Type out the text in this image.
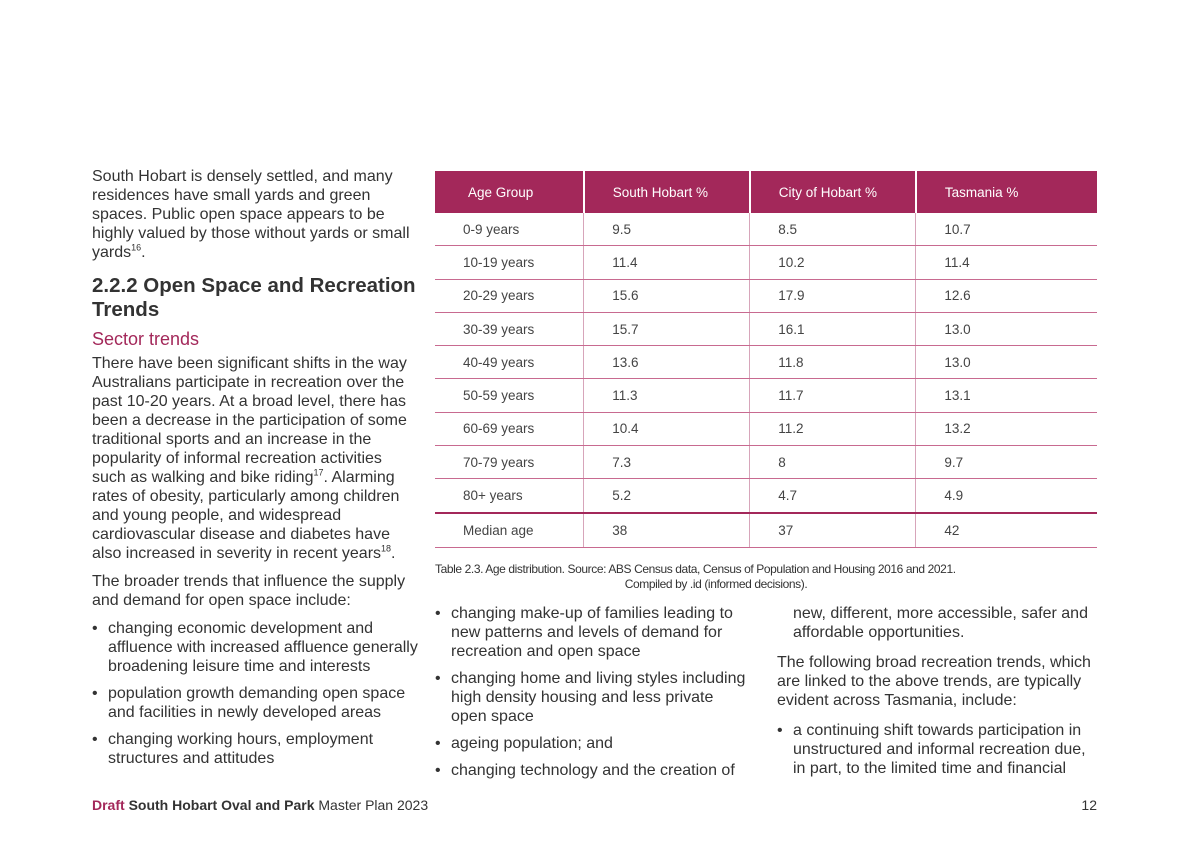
South Hobart is densely settled, and many residences have small yards and green spaces. Public open space appears to be highly valued by those without yards or small yards$^{16}$.

2.2.2 Open Space and Recreation Trends
Sector trends

There have been significant shifts in the way Australians participate in recreation over the past 10-20 years. At a broad level, there has been a decrease in the participation of some traditional sports and an increase in the popularity of informal recreation activities such as walking and bike riding$^{17}$. Alarming rates of obesity, particularly among children and young people, and widespread cardiovascular disease and diabetes have also increased in severity in recent years$^{18}$.

The broader trends that influence the supply and demand for open space include:

• changing economic development and affluence with increased affluence generally broadening leisure time and interests
• population growth demanding open space and facilities in newly developed areas
• changing working hours, employment structures and attitudes
Age Group	South Hobart %	City of Hobart %	Tasmania %
0-9 years	9.5	8.5	10.7
10-19 years	11.4	10.2	11.4
20-29 years	15.6	17.9	12.6
30-39 years	15.7	16.1	13.0
40-49 years	13.6	11.8	13.0
50-59 years	11.3	11.7	13.1
60-69 years	10.4	11.2	13.2
70-79 years	7.3	8	9.7
80+ years	5.2	4.7	4.9
Median age	38	37	42
Table 2.3. Age distribution. Source: ABS Census data, Census of Population and Housing 2016 and 2021.
Compiled by .id (informed decisions).
• changing make-up of families leading to new patterns and levels of demand for recreation and open space
• changing home and living styles including high density housing and less private open space
• ageing population; and
• changing technology and the creation of
new, different, more accessible, safer and affordable opportunities.

The following broad recreation trends, which are linked to the above trends, are typically evident across Tasmania, include:

• a continuing shift towards participation in unstructured and informal recreation due, in part, to the limited time and financial
Draft South Hobart Oval and Park Master Plan 2023	12
